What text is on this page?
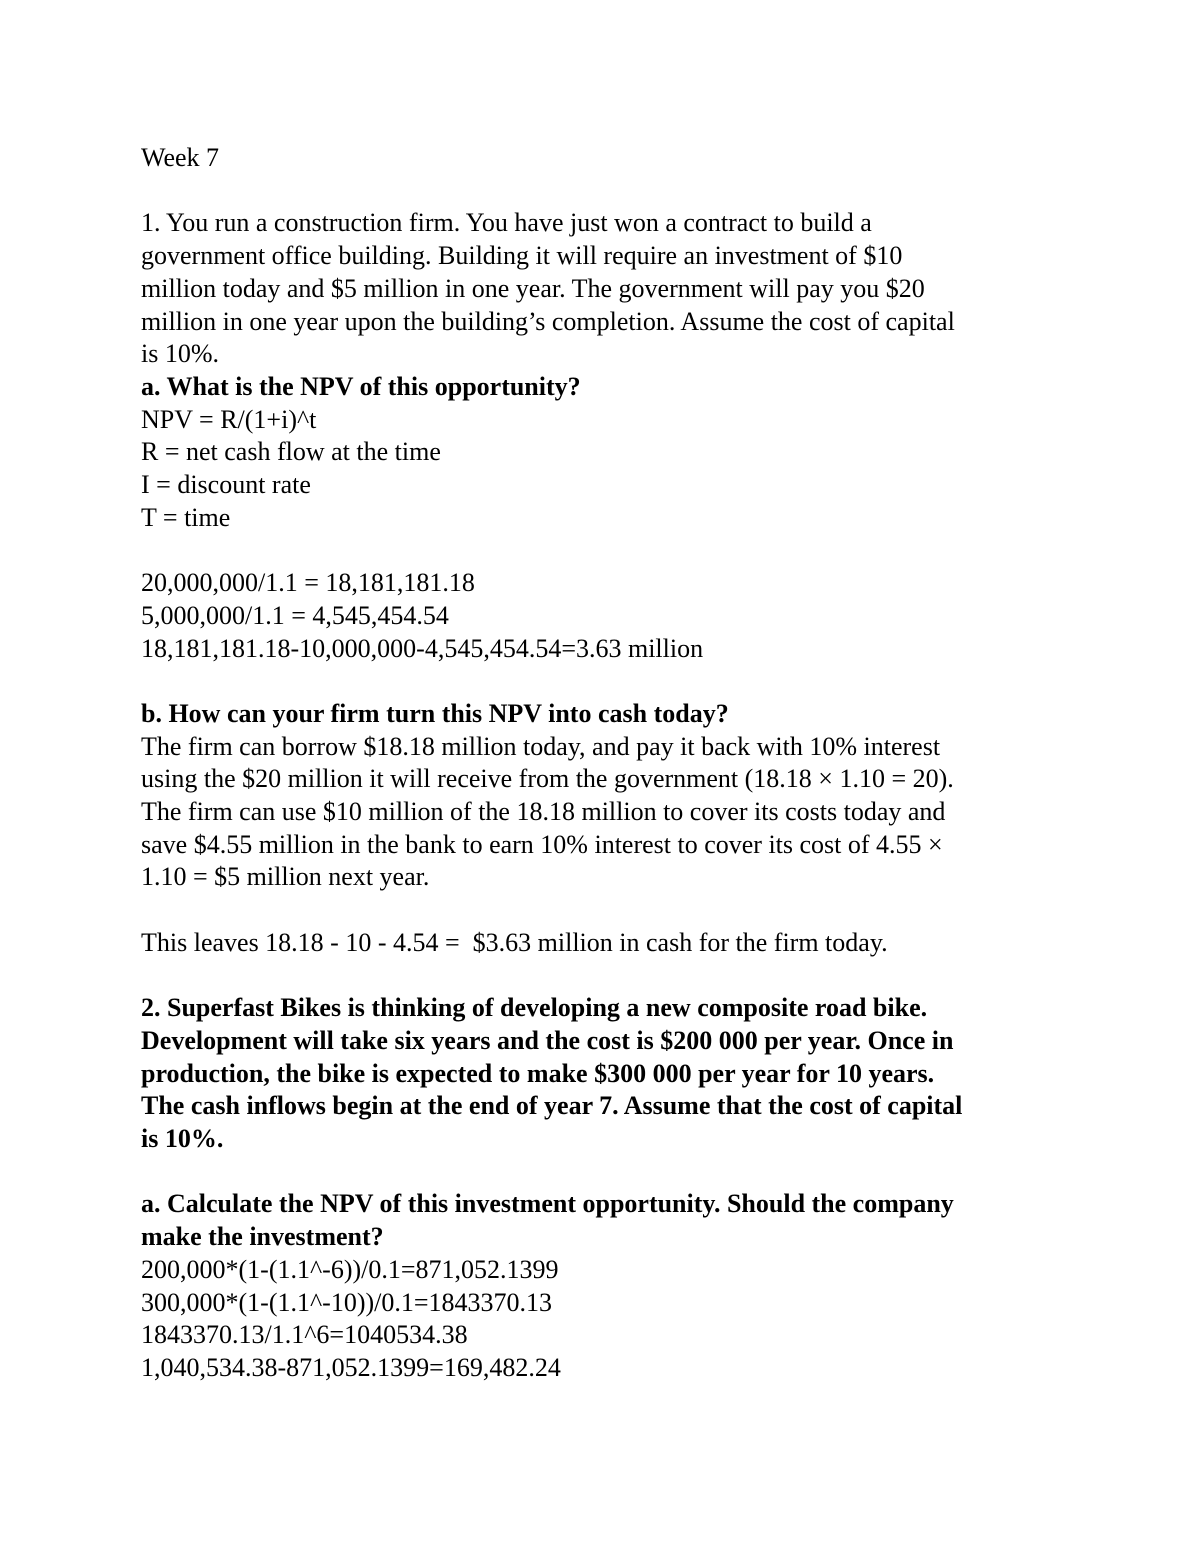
Week 7
1. You run a construction firm. You have just won a contract to build a
government office building. Building it will require an investment of $10
million today and $5 million in one year. The government will pay you $20
million in one year upon the building’s completion. Assume the cost of capital
is 10%.
a. What is the NPV of this opportunity?
NPV = R/(1+i)^t
R = net cash flow at the time
I = discount rate
T = time
20,000,000/1.1 = 18,181,181.18
5,000,000/1.1 = 4,545,454.54
18,181,181.18-10,000,000-4,545,454.54=3.63 million
b. How can your firm turn this NPV into cash today?
The firm can borrow $18.18 million today, and pay it back with 10% interest
using the $20 million it will receive from the government (18.18 × 1.10 = 20).
The firm can use $10 million of the 18.18 million to cover its costs today and
save $4.55 million in the bank to earn 10% interest to cover its cost of 4.55 ×
1.10 = $5 million next year.
This leaves 18.18 - 10 - 4.54 =  $3.63 million in cash for the firm today.
2. Superfast Bikes is thinking of developing a new composite road bike.
Development will take six years and the cost is $200 000 per year. Once in
production, the bike is expected to make $300 000 per year for 10 years.
The cash inflows begin at the end of year 7. Assume that the cost of capital
is 10%.
a. Calculate the NPV of this investment opportunity. Should the company
make the investment?
200,000*(1-(1.1^-6))/0.1=871,052.1399
300,000*(1-(1.1^-10))/0.1=1843370.13
1843370.13/1.1^6=1040534.38
1,040,534.38-871,052.1399=169,482.24
